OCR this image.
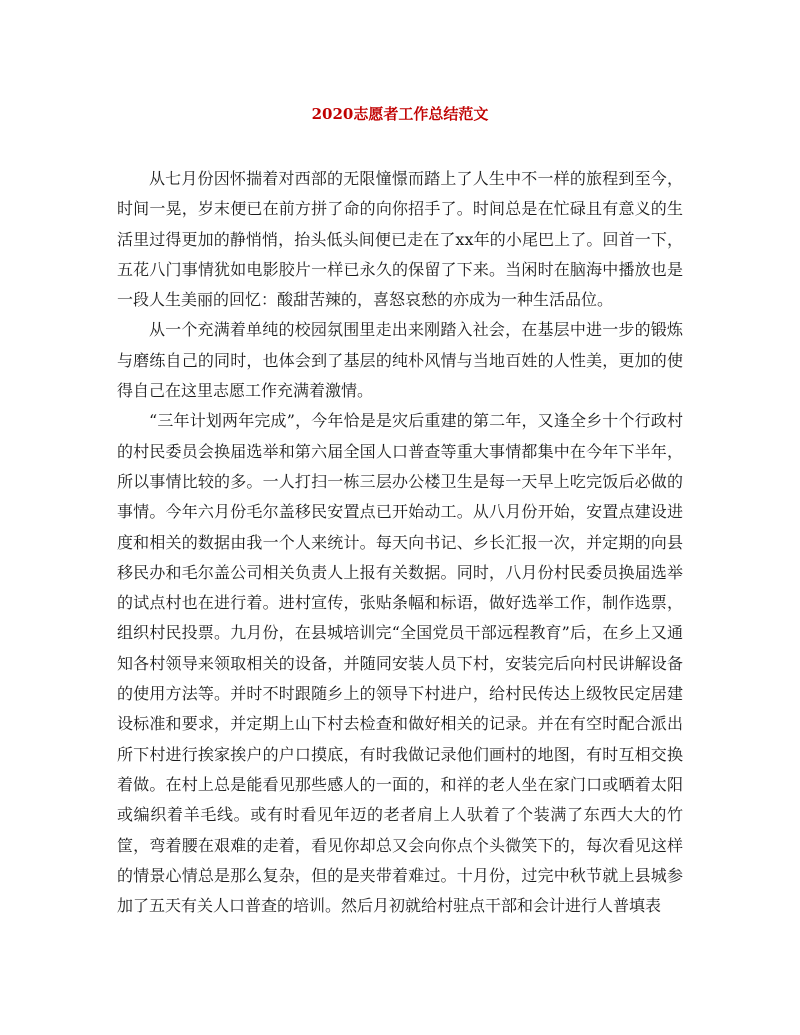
2020志愿者工作总结范文

从七月份因怀揣着对西部的无限憧憬而踏上了人生中不一样的旅程到至今，时间一晃，岁末便已在前方拼了命的向你招手了。时间总是在忙碌且有意义的生活里过得更加的静悄悄，抬头低头间便已走在了xx年的小尾巴上了。回首一下，五花八门事情犹如电影胶片一样已永久的保留了下来。当闲时在脑海中播放也是一段人生美丽的回忆：酸甜苦辣的，喜怒哀愁的亦成为一种生活品位。

从一个充满着单纯的校园氛围里走出来刚踏入社会，在基层中进一步的锻炼与磨练自己的同时，也体会到了基层的纯朴风情与当地百姓的人性美，更加的使得自己在这里志愿工作充满着激情。

“三年计划两年完成”，今年恰是是灾后重建的第二年，又逢全乡十个行政村的村民委员会换届选举和第六届全国人口普查等重大事情都集中在今年下半年，所以事情比较的多。一人打扫一栋三层办公楼卫生是每一天早上吃完饭后必做的事情。今年六月份毛尔盖移民安置点已开始动工。从八月份开始，安置点建设进度和相关的数据由我一个人来统计。每天向书记、乡长汇报一次，并定期的向县移民办和毛尔盖公司相关负责人上报有关数据。同时，八月份村民委员换届选举的试点村也在进行着。进村宣传，张贴条幅和标语，做好选举工作，制作选票，组织村民投票。九月份，在县城培训完“全国党员干部远程教育”后，在乡上又通知各村领导来领取相关的设备，并随同安装人员下村，安装完后向村民讲解设备的使用方法等。并时不时跟随乡上的领导下村进户，给村民传达上级牧民定居建设标准和要求，并定期上山下村去检查和做好相关的记录。并在有空时配合派出所下村进行挨家挨户的户口摸底，有时我做记录他们画村的地图，有时互相交换着做。在村上总是能看见那些感人的一面的，和祥的老人坐在家门口或晒着太阳或编织着羊毛线。或有时看见年迈的老者肩上人驮着了个装满了东西大大的竹筐，弯着腰在艰难的走着，看见你却总又会向你点个头微笑下的，每次看见这样的情景心情总是那么复杂，但的是夹带着难过。十月份，过完中秋节就上县城参加了五天有关人口普查的培训。然后月初就给村驻点干部和会计进行人普填表
